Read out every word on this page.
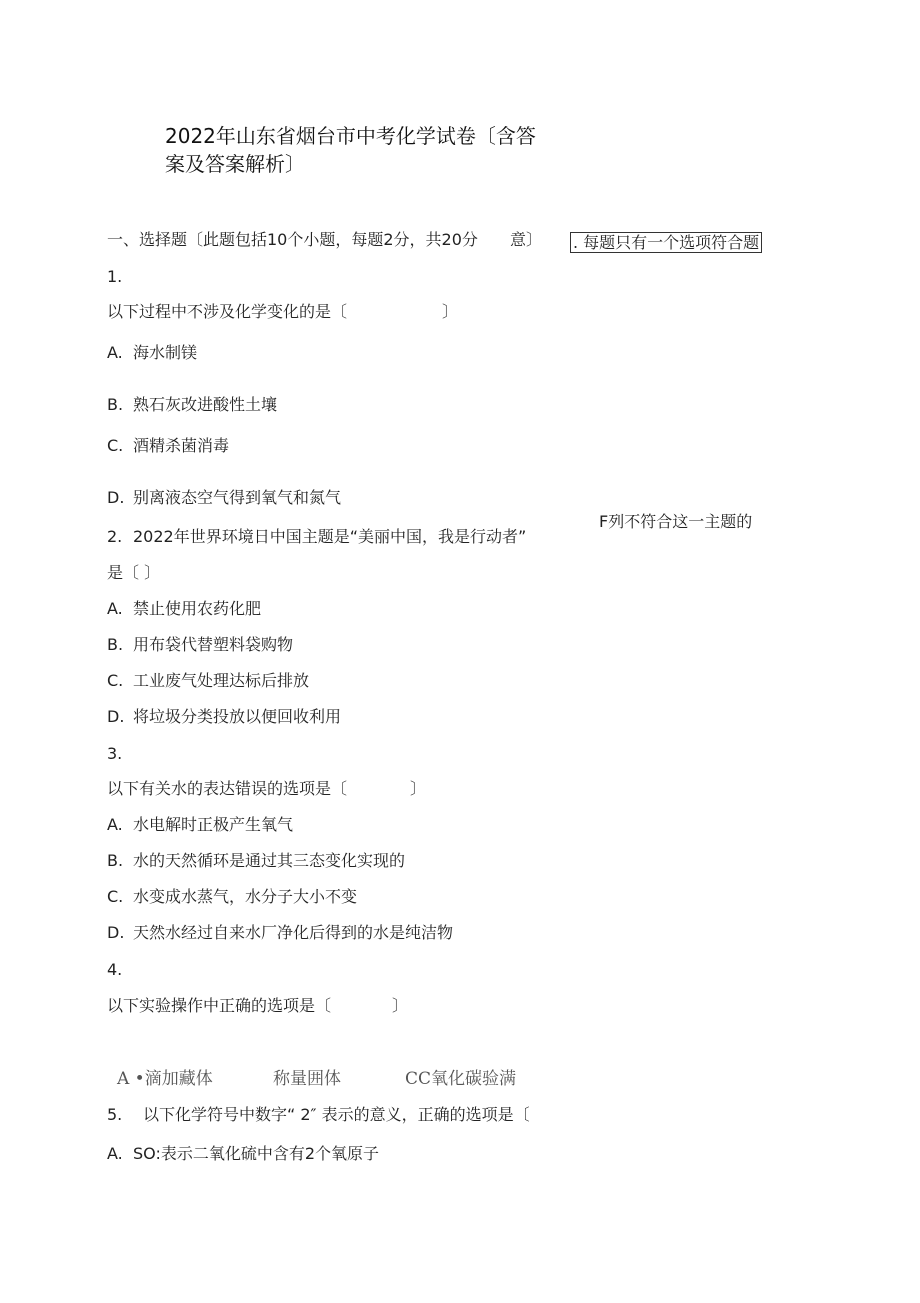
2022年山东省烟台市中考化学试卷〔含答
案及答案解析〕
一、选择题〔此题包括10个小题，每题2分，共20分 意〕 . 每题只有一个选项符合题
1.
以下过程中不涉及化学变化的是〔	〕
A. 海水制镁
B. 熟石灰改进酸性土壤
C. 酒精杀菌消毒
D. 别离液态空气得到氧气和氮气
2. 2022年世界环境日中国主题是“美丽中国，我是行动者”
F列不符合这一主题的
是〔 〕
A. 禁止使用农药化肥
B. 用布袋代替塑料袋购物
C. 工业废气处理达标后排放
D. 将垃圾分类投放以便回收利用
3.
以下有关水的表达错误的选项是〔	〕
A. 水电解时正极产生氧气
B. 水的天然循环是通过其三态变化实现的
C. 水变成水蒸气，水分子大小不变
D. 天然水经过自来水厂净化后得到的水是纯洁物
4.
以下实验操作中正确的选项是〔	〕
A •滴加藏体	称量囲体	CC氧化碳验满
5. 以下化学符号中数字“ 2″ 表示的意义，正确的选项是〔
A. SO:表示二氧化硫中含有2个氧原子
